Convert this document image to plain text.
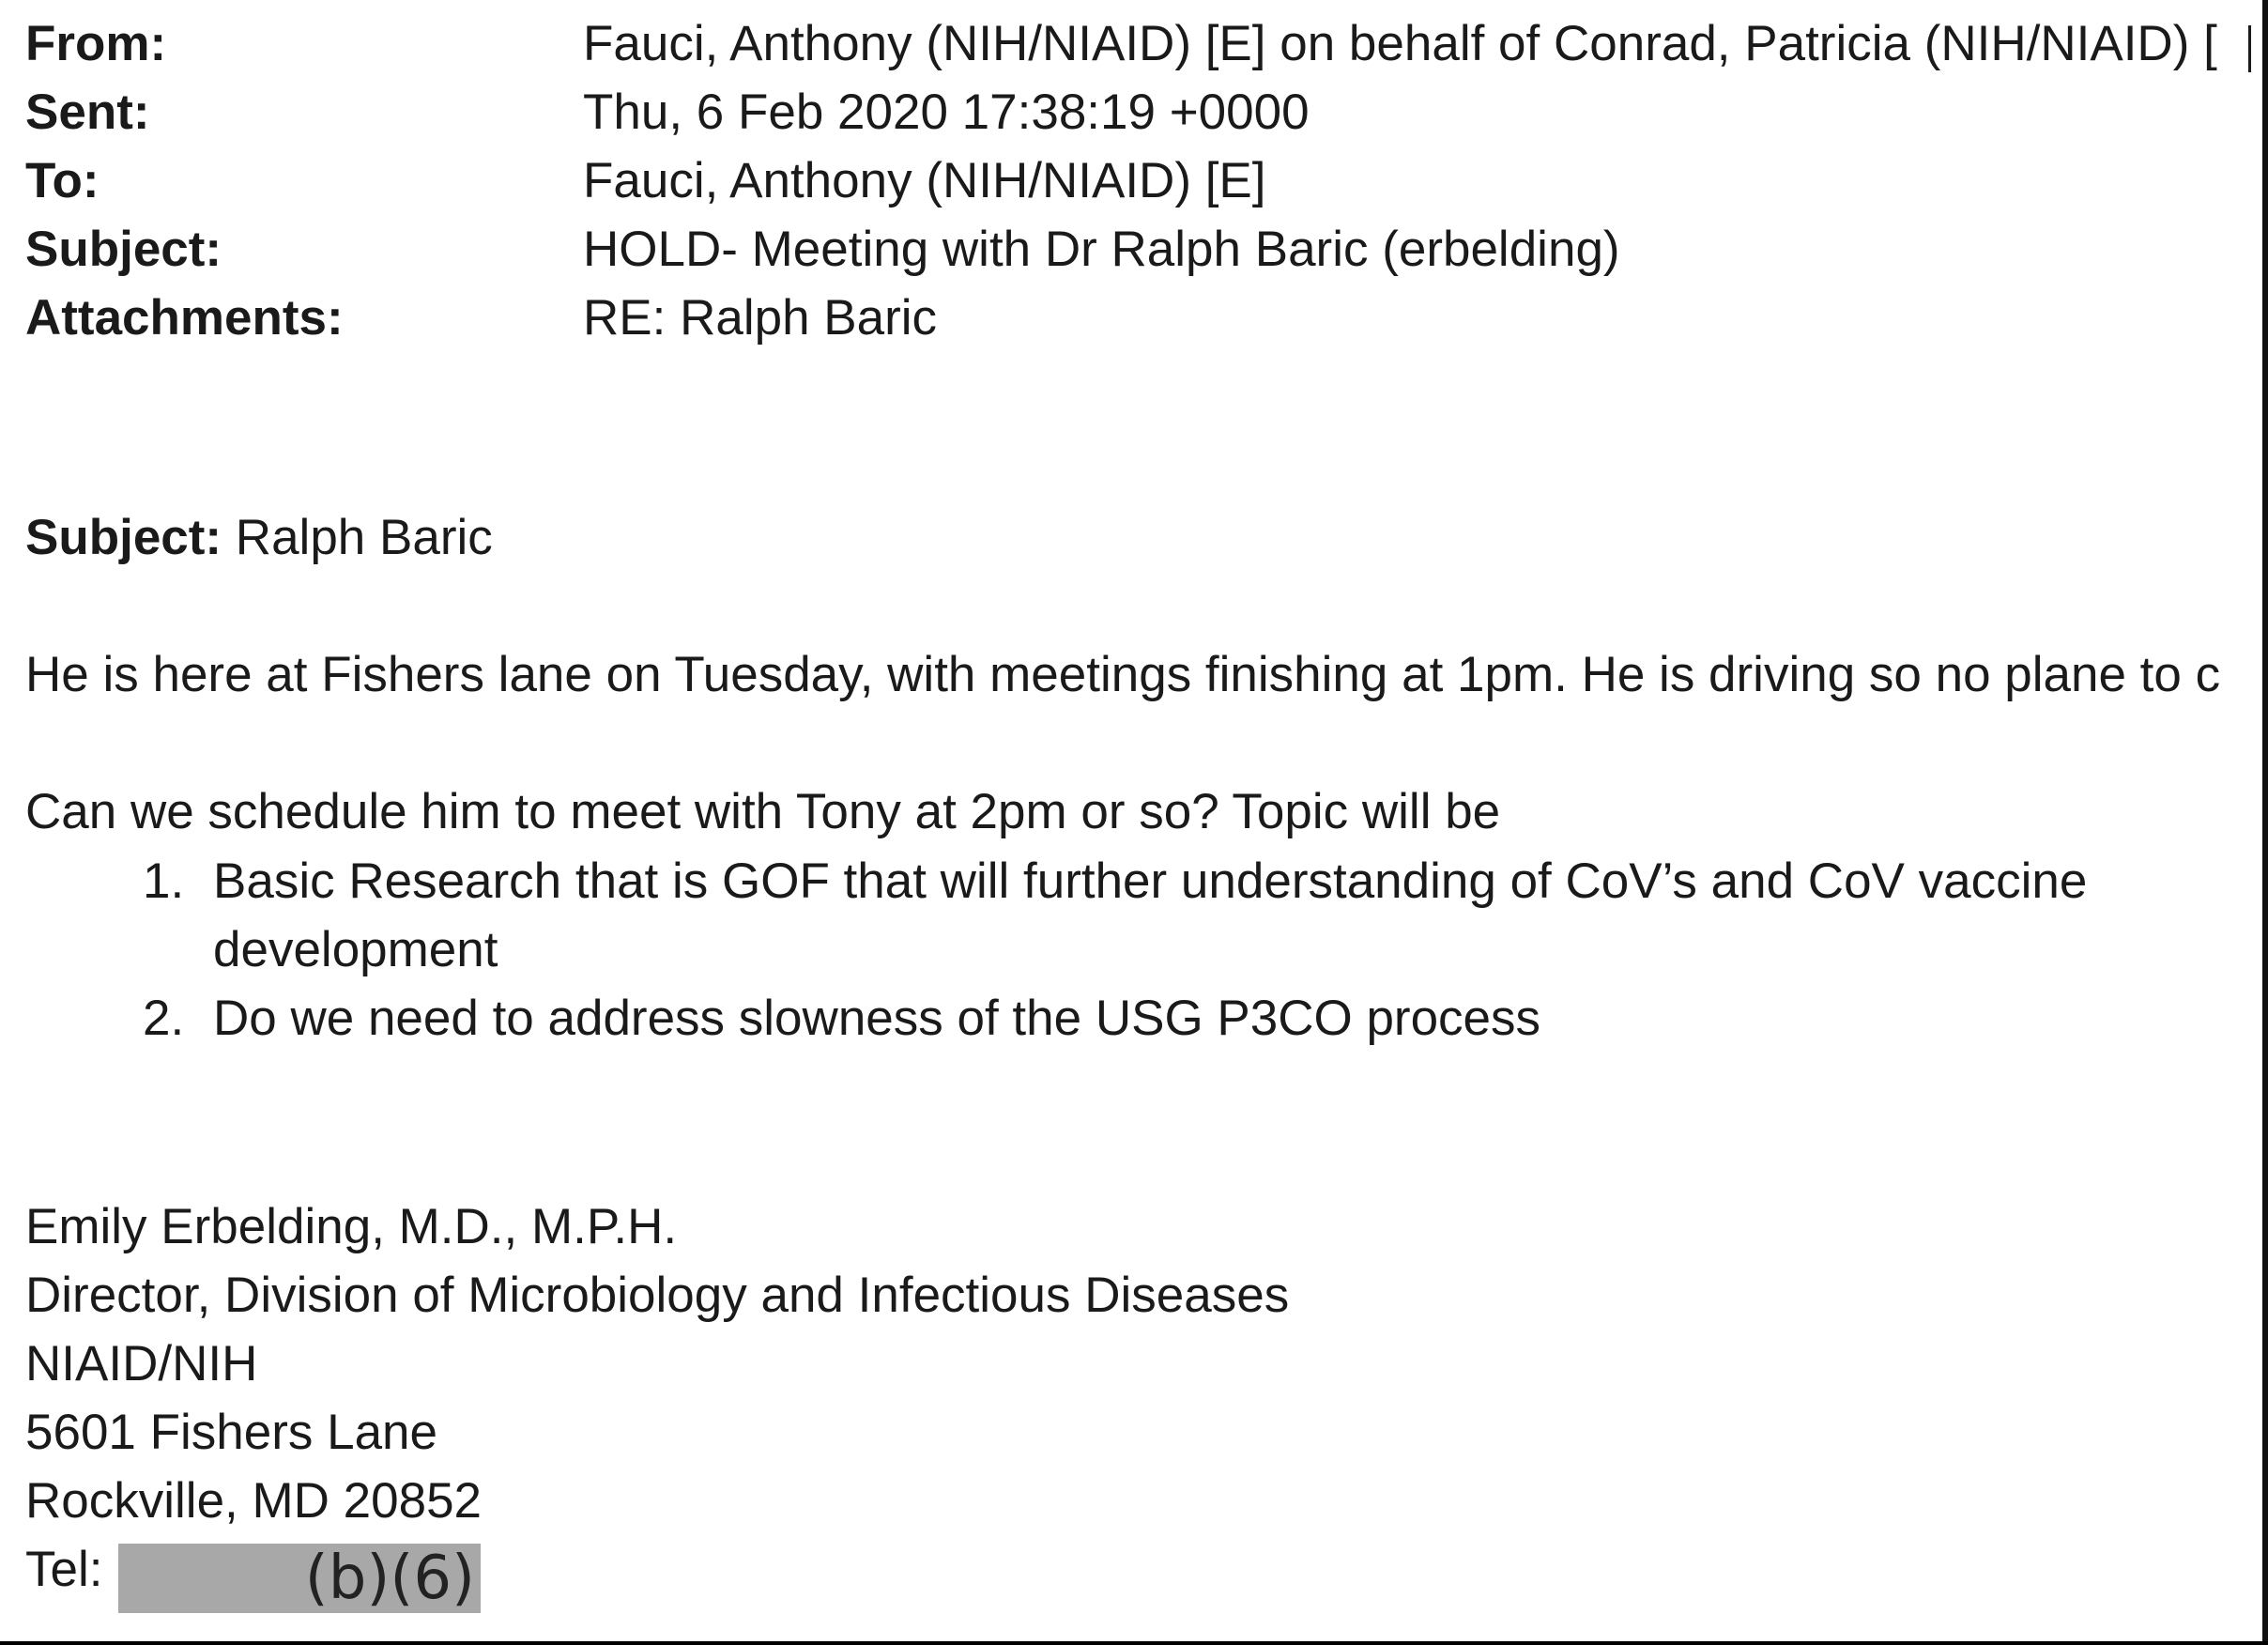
From:	Fauci, Anthony (NIH/NIAID) [E] on behalf of Conrad, Patricia (NIH/NIAID) [
Sent:	Thu, 6 Feb 2020 17:38:19 +0000
To:	Fauci, Anthony (NIH/NIAID) [E]
Subject:	HOLD- Meeting with Dr Ralph Baric (erbelding)
Attachments:	RE: Ralph Baric
Subject: Ralph Baric
He is here at Fishers lane on Tuesday, with meetings finishing at 1pm. He is driving so no plane to c
Can we schedule him to meet with Tony at 2pm or so? Topic will be
1. Basic Research that is GOF that will further understanding of CoV’s and CoV vaccine
development
2. Do we need to address slowness of the USG P3CO process
Emily Erbelding, M.D., M.P.H.
Director, Division of Microbiology and Infectious Diseases
NIAID/NIH
5601 Fishers Lane
Rockville, MD 20852
Tel:	(b)(6)
